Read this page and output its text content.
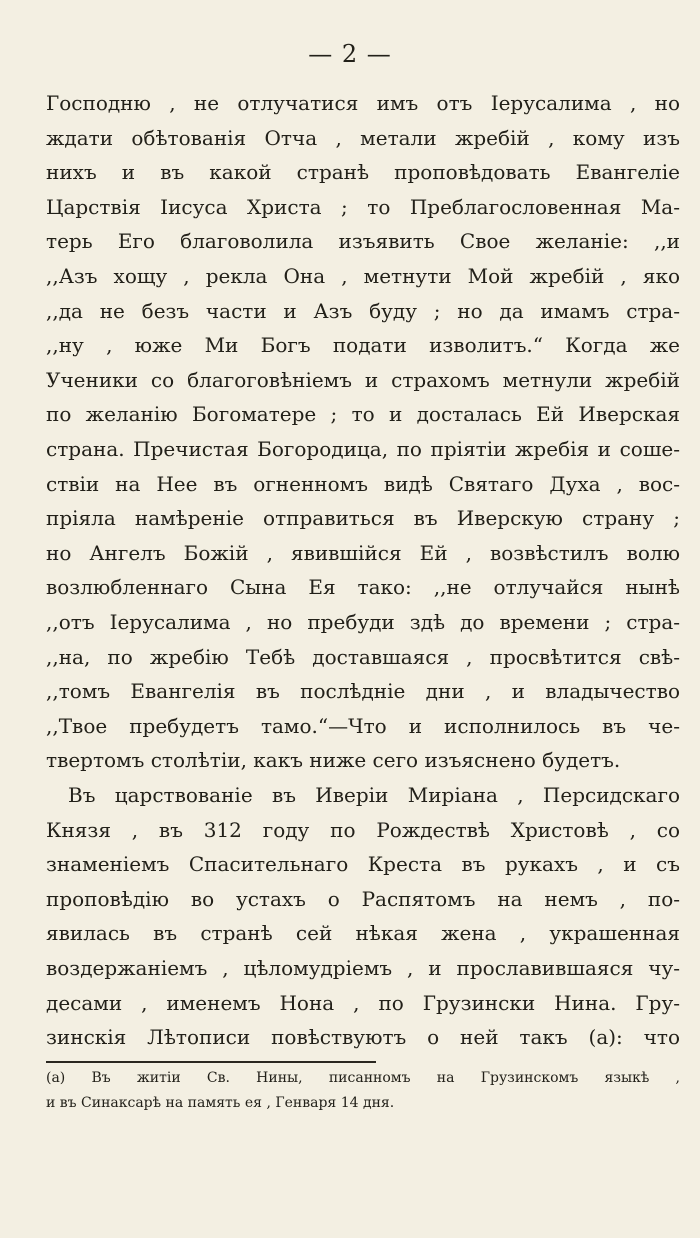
— 2 —
Господню , не отлучатися имъ отъ Іерусалима , но
ждати обѣтованія Отча , метали жребій , кому изъ
нихъ и въ какой странѣ проповѣдовать Евангеліе
Царствія Іисуса Христа ; то Преблагословенная Ма-
терь Его благоволила изъявить Свое желаніе: ,,и
,,Азъ хощу , рекла Она , метнути Мой жребій , яко
,,да не безъ части и Азъ буду ; но да имамъ стра-
,,ну , юже Ми Богъ подати изволитъ.“ Когда же
Ученики со благоговѣніемъ и страхомъ метнули жребій
по желанію Богоматере ; то и досталась Ей Иверская
страна. Пречистая Богородица, по пріятіи жребія и соше-
ствіи на Нее въ огненномъ видѣ Святаго Духа , вос-
пріяла намѣреніе отправиться въ Иверскую страну ;
но Ангелъ Божій , явившійся Ей , возвѣстилъ волю
возлюбленнаго Сына Ея тако: ,,не отлучайся нынѣ
,,отъ Іерусалима , но пребуди здѣ до времени ; стра-
,,на, по жребію Тебѣ доставшаяся , просвѣтится свѣ-
,,томъ Евангелія въ послѣдніе дни , и владычество
,,Твое пребудетъ тамо.“—Что и исполнилось въ че-
твертомъ столѣтіи, какъ ниже сего изъяснено будетъ.
Въ царствованіе въ Иверіи Миріана , Персидскаго
Князя , въ 312 году по Рождествѣ Христовѣ , со
знаменіемъ Спасительнаго Креста въ рукахъ , и съ
проповѣдію во устахъ о Распятомъ на немъ , по-
явилась въ странѣ сей нѣкая жена , украшенная
воздержаніемъ , цѣломудріемъ , и прославившаяся чу-
десами , именемъ Нона , по Грузински Нина. Гру-
зинскія Лѣтописи повѣствуютъ о ней такъ (а): что
(а) Въ житіи Св. Нины, писанномъ на Грузинскомъ языкѣ ,
и въ Синаксарѣ на память ея , Генваря 14 дня.
